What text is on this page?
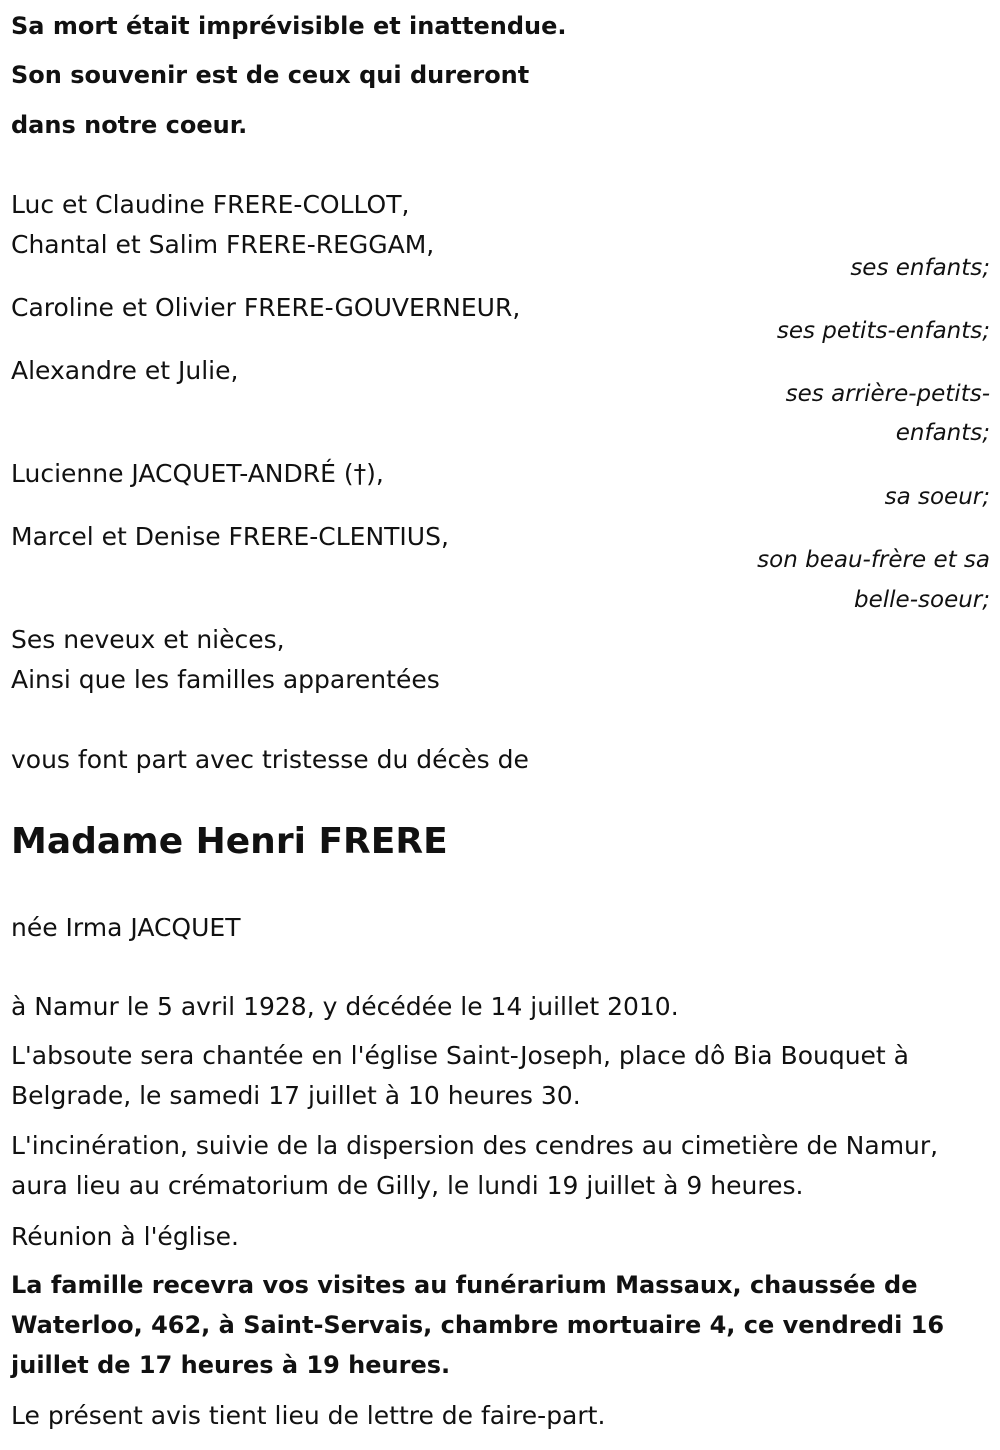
Sa mort était imprévisible et inattendue.

Son souvenir est de ceux qui dureront

dans notre coeur.

Luc et Claudine FRERE-COLLOT,

Chantal et Salim FRERE-REGGAM,

ses enfants;

Caroline et Olivier FRERE-GOUVERNEUR,

ses petits-enfants;

Alexandre et Julie,

ses arrière-petits-

enfants;

Lucienne JACQUET-ANDRÉ (†),

sa soeur;

Marcel et Denise FRERE-CLENTIUS,

son beau-frère et sa

belle-soeur;

Ses neveux et nièces,

Ainsi que les familles apparentées

vous font part avec tristesse du décès de

Madame Henri FRERE

née Irma JACQUET

à Namur le 5 avril 1928, y décédée le 14 juillet 2010.

L'absoute sera chantée en l'église Saint-Joseph, place dô Bia Bouquet à Belgrade, le samedi 17 juillet à 10 heures 30.

L'incinération, suivie de la dispersion des cendres au cimetière de Namur, aura lieu au crématorium de Gilly, le lundi 19 juillet à 9 heures.

Réunion à l'église.

La famille recevra vos visites au funérarium Massaux, chaussée de Waterloo, 462, à Saint-Servais, chambre mortuaire 4, ce vendredi 16 juillet de 17 heures à 19 heures.

Le présent avis tient lieu de lettre de faire-part.
